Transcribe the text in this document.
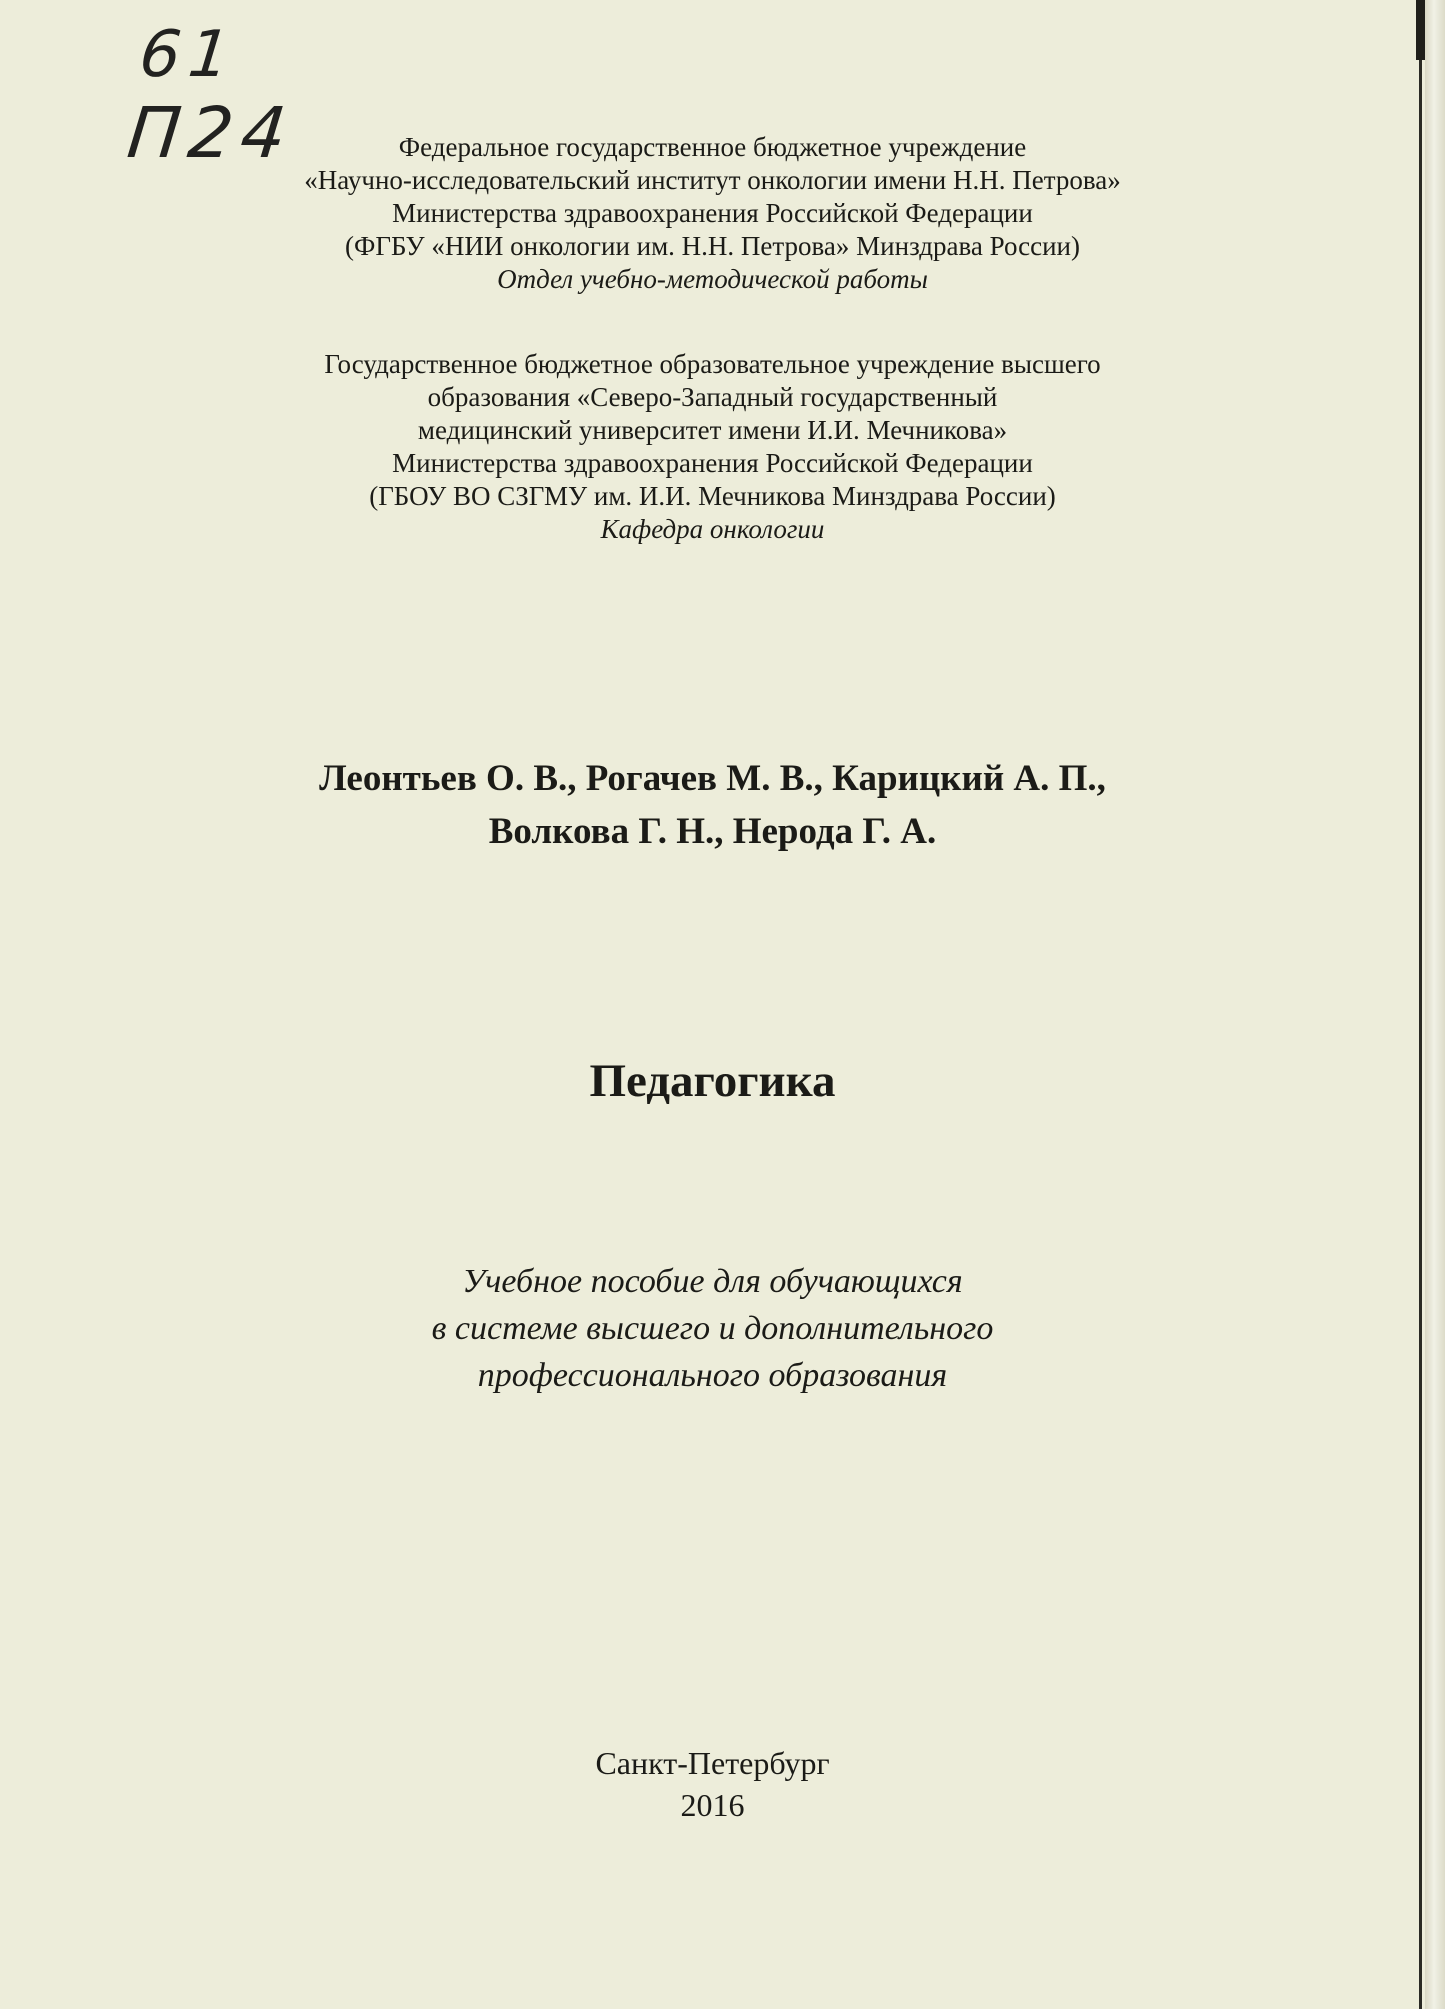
61
П24	Федеральное государственное бюджетное учреждение
«Научно-исследовательский институт онкологии имени Н.Н. Петрова»
Министерства здравоохранения Российской Федерации
(ФГБУ «НИИ онкологии им. Н.Н. Петрова» Минздрава России)
Отдел учебно-методической работы
Государственное бюджетное образовательное учреждение высшего
образования «Северо-Западный государственный
медицинский университет имени И.И. Мечникова»
Министерства здравоохранения Российской Федерации
(ГБОУ ВО СЗГМУ им. И.И. Мечникова Минздрава России)
Кафедра онкологии
Леонтьев О. В., Рогачев М. В., Карицкий А. П.,
Волкова Г. Н., Нерода Г. А.
Педагогика
Учебное пособие для обучающихся
в системе высшего и дополнительного
профессионального образования
Санкт-Петербург
2016
